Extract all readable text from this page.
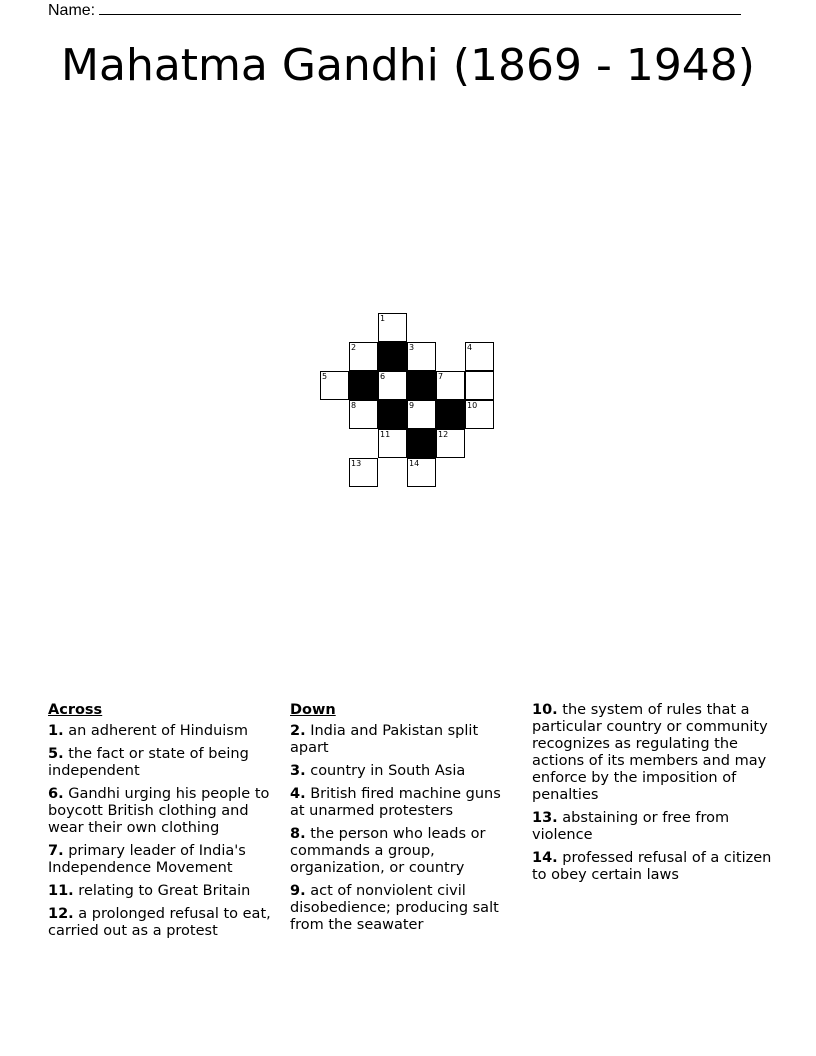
Name:
Mahatma Gandhi (1869 - 1948)
1
2	3	4
5	6	7
8	9	10
11	12
13	14
Across
1. an adherent of Hinduism
5. the fact or state of being independent
6. Gandhi urging his people to boycott British clothing and wear their own clothing
7. primary leader of India's Independence Movement
11. relating to Great Britain
12. a prolonged refusal to eat, carried out as a protest
Down
2. India and Pakistan split apart
3. country in South Asia
4. British fired machine guns at unarmed protesters
8. the person who leads or commands a group, organization, or country
9. act of nonviolent civil disobedience; producing salt from the seawater
10. the system of rules that a particular country or community recognizes as regulating the actions of its members and may enforce by the imposition of penalties
13. abstaining or free from violence
14. professed refusal of a citizen to obey certain laws
